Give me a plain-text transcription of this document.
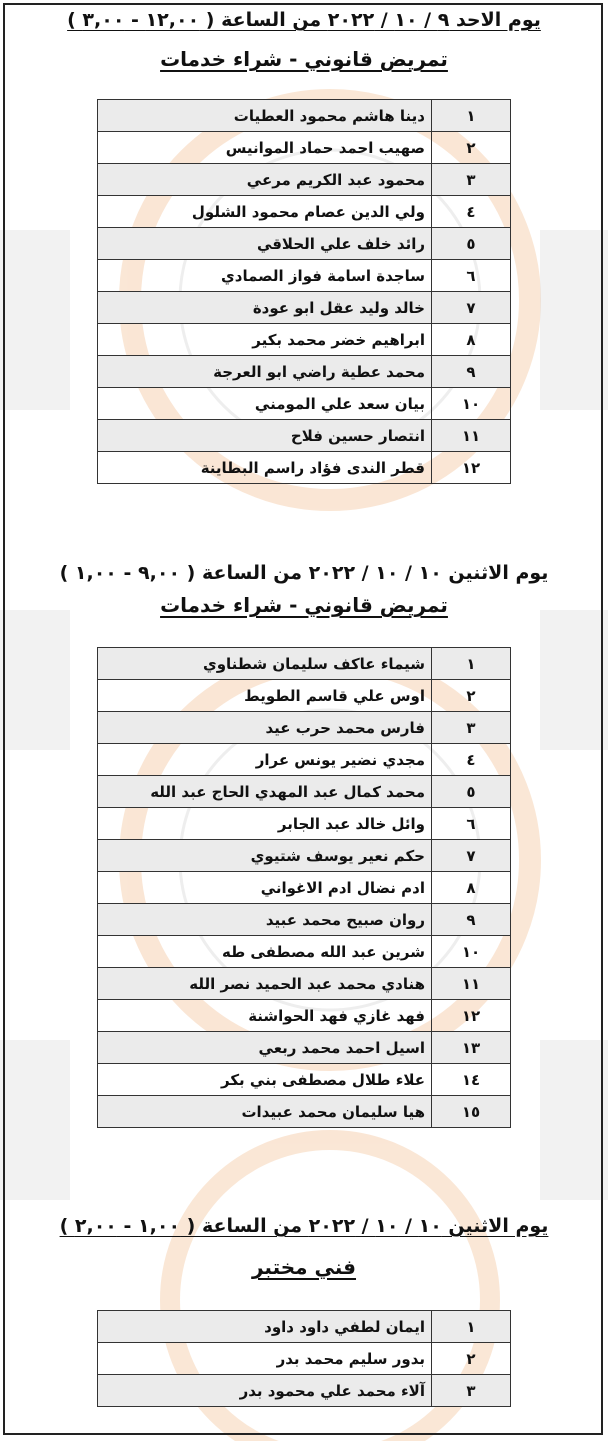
يوم الاحد ٩ / ١٠ / ٢٠٢٢ من الساعة ( ١٢,٠٠ - ٣,٠٠ )
تمريض قانوني - شراء خدمات
١	دينا هاشم محمود العطيات
٢	صهيب احمد حماد الموانيس
٣	محمود عبد الكريم مرعي
٤	ولي الدين عصام محمود الشلول
٥	رائد خلف علي الحلاقي
٦	ساجدة اسامة فواز الصمادي
٧	خالد وليد عقل ابو عودة
٨	ابراهيم خضر محمد بكير
٩	محمد عطية راضي ابو العرجة
١٠	بيان سعد علي المومني
١١	انتصار حسين فلاح
١٢	قطر الندى فؤاد راسم البطاينة
يوم الاثنين ١٠ / ١٠ / ٢٠٢٢ من الساعة ( ٩,٠٠ - ١,٠٠ )
تمريض قانوني - شراء خدمات
١	شيماء عاكف سليمان شطناوي
٢	اوس علي قاسم الطويط
٣	فارس محمد حرب عيد
٤	مجدي نضير يونس عرار
٥	محمد كمال عبد المهدي الحاج عبد الله
٦	وائل خالد عبد الجابر
٧	حكم نعير يوسف شتيوي
٨	ادم نضال ادم الاغواني
٩	روان صبيح محمد عبيد
١٠	شرين عبد الله مصطفى طه
١١	هنادي محمد عبد الحميد نصر الله
١٢	فهد غازي فهد الحواشنة
١٣	اسيل احمد محمد ربعي
١٤	علاء طلال مصطفى بني بكر
١٥	هيا سليمان محمد عبيدات
يوم الاثنين ١٠ / ١٠ / ٢٠٢٢ من الساعة ( ١,٠٠ - ٢,٠٠ )
فني مختبر
١	ايمان لطفي داود داود
٢	بدور سليم محمد بدر
٣	آلاء محمد علي محمود بدر
